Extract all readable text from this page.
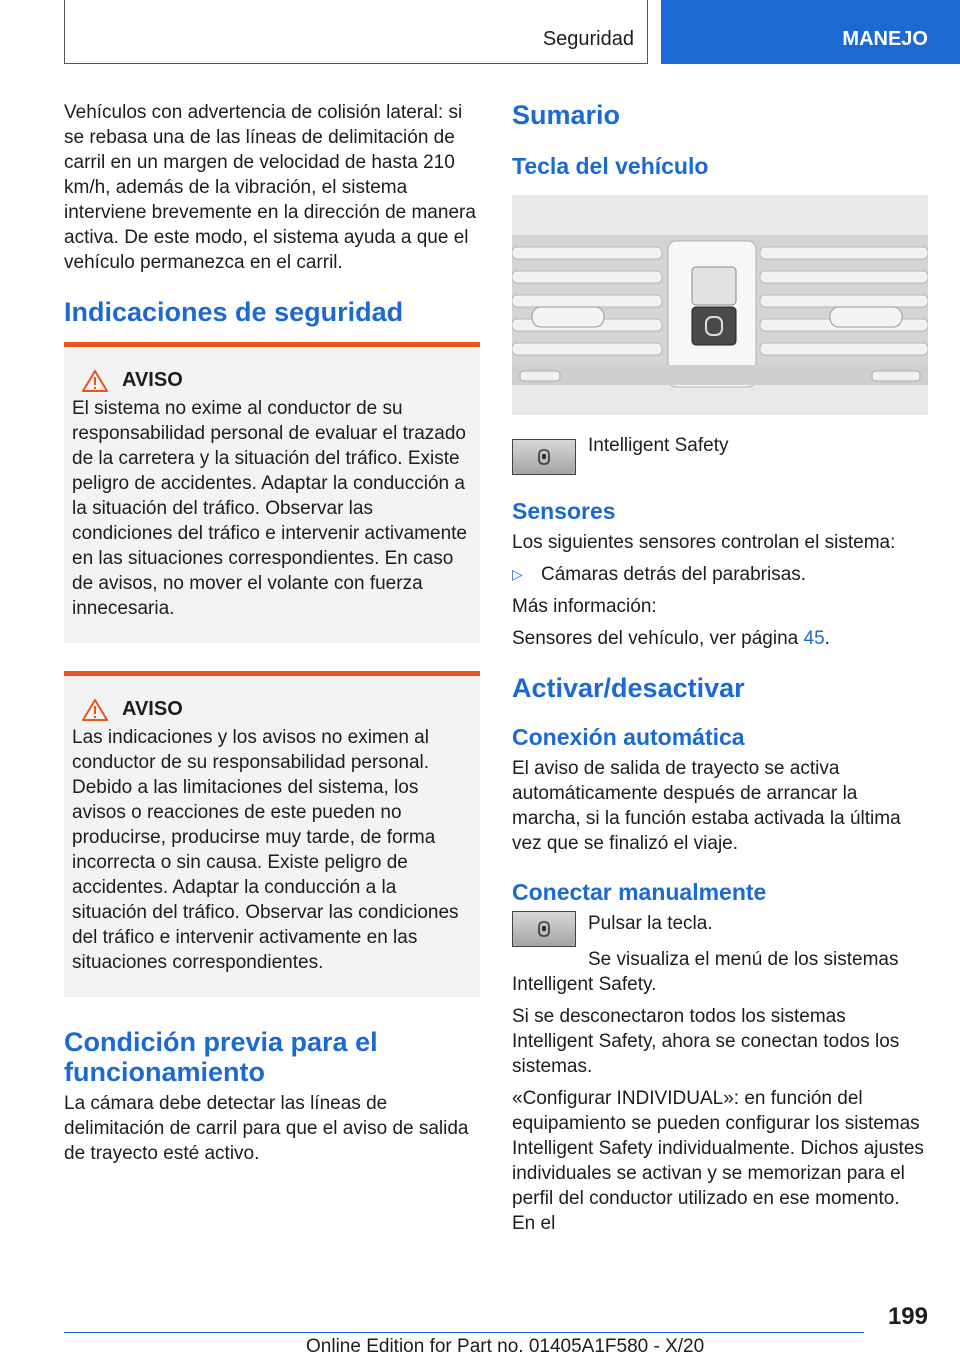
Seguridad	MANEJO

Vehículos con advertencia de colisión lateral: si se rebasa una de las líneas de delimitación de carril en un margen de velocidad de hasta 210 km/h, además de la vibración, el sistema interviene brevemente en la dirección de manera activa. De este modo, el sistema ayuda a que el vehículo permanezca en el carril.

Indicaciones de seguridad
AVISO

El sistema no exime al conductor de su responsabilidad personal de evaluar el trazado de la carretera y la situación del tráfico. Existe peligro de accidentes. Adaptar la conducción a la situación del tráfico. Observar las condiciones del tráfico e intervenir activamente en las situaciones correspondientes. En caso de avisos, no mover el volante con fuerza innecesaria.

AVISO

Las indicaciones y los avisos no eximen al conductor de su responsabilidad personal. Debido a las limitaciones del sistema, los avisos o reacciones de este pueden no producirse, producirse muy tarde, de forma incorrecta o sin causa. Existe peligro de accidentes. Adaptar la conducción a la situación del tráfico. Observar las condiciones del tráfico e intervenir activamente en las situaciones correspondientes.

Condición previa para el funcionamiento

La cámara debe detectar las líneas de delimitación de carril para que el aviso de salida de trayecto esté activo.

Sumario
Tecla del vehículo

Intelligent Safety

Sensores

Los siguientes sensores controlan el sistema:

▷ Cámaras detrás del parabrisas.

Más información:

Sensores del vehículo, ver página 45.

Activar/desactivar
Conexión automática

El aviso de salida de trayecto se activa automáticamente después de arrancar la marcha, si la función estaba activada la última vez que se finalizó el viaje.

Conectar manualmente

Pulsar la tecla.

Se visualiza el menú de los sistemas Intelligent Safety.

Si se desconectaron todos los sistemas Intelligent Safety, ahora se conectan todos los sistemas.

«Configurar INDIVIDUAL»: en función del equipamiento se pueden configurar los sistemas Intelligent Safety individualmente. Dichos ajustes individuales se activan y se memorizan para el perfil del conductor utilizado en ese momento. En el

199
Online Edition for Part no. 01405A1F580 - X/20
